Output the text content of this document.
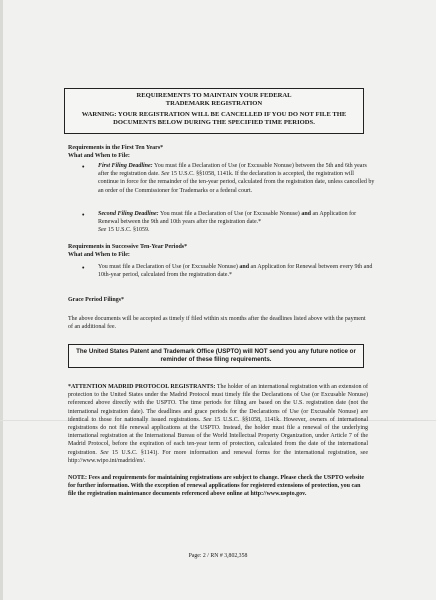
REQUIREMENTS TO MAINTAIN YOUR FEDERAL TRADEMARK REGISTRATION
WARNING: YOUR REGISTRATION WILL BE CANCELLED IF YOU DO NOT FILE THE DOCUMENTS BELOW DURING THE SPECIFIED TIME PERIODS.
Requirements in the First Ten Years*
What and When to File:
• First Filing Deadline: You must file a Declaration of Use (or Excusable Nonuse) between the 5th and 6th years after the registration date. See 15 U.S.C. §§1058, 1141k. If the declaration is accepted, the registration will continue in force for the remainder of the ten-year period, calculated from the registration date, unless cancelled by an order of the Commissioner for Trademarks or a federal court.
• Second Filing Deadline: You must file a Declaration of Use (or Excusable Nonuse) and an Application for Renewal between the 9th and 10th years after the registration date.*
See 15 U.S.C. §1059.
Requirements in Successive Ten-Year Periods*
What and When to File:
• You must file a Declaration of Use (or Excusable Nonuse) and an Application for Renewal between every 9th and 10th-year period, calculated from the registration date.*
Grace Period Filings*
The above documents will be accepted as timely if filed within six months after the deadlines listed above with the payment of an additional fee.
The United States Patent and Trademark Office (USPTO) will NOT send you any future notice or reminder of these filing requirements.
*ATTENTION MADRID PROTOCOL REGISTRANTS: The holder of an international registration with an extension of protection to the United States under the Madrid Protocol must timely file the Declarations of Use (or Excusable Nonuse) referenced above directly with the USPTO. The time periods for filing are based on the U.S. registration date (not the international registration date). The deadlines and grace periods for the Declarations of Use (or Excusable Nonuse) are identical to those for nationally issued registrations. See 15 U.S.C. §§1058, 1141k. However, owners of international registrations do not file renewal applications at the USPTO. Instead, the holder must file a renewal of the underlying international registration at the International Bureau of the World Intellectual Property Organization, under Article 7 of the Madrid Protocol, before the expiration of each ten-year term of protection, calculated from the date of the international registration. See 15 U.S.C. §1141j. For more information and renewal forms for the international registration, see http://www.wipo.int/madrid/en/.
NOTE: Fees and requirements for maintaining registrations are subject to change. Please check the USPTO website for further information. With the exception of renewal applications for registered extensions of protection, you can file the registration maintenance documents referenced above online at http://www.uspto.gov.
Page: 2 / RN # 3,802,358
